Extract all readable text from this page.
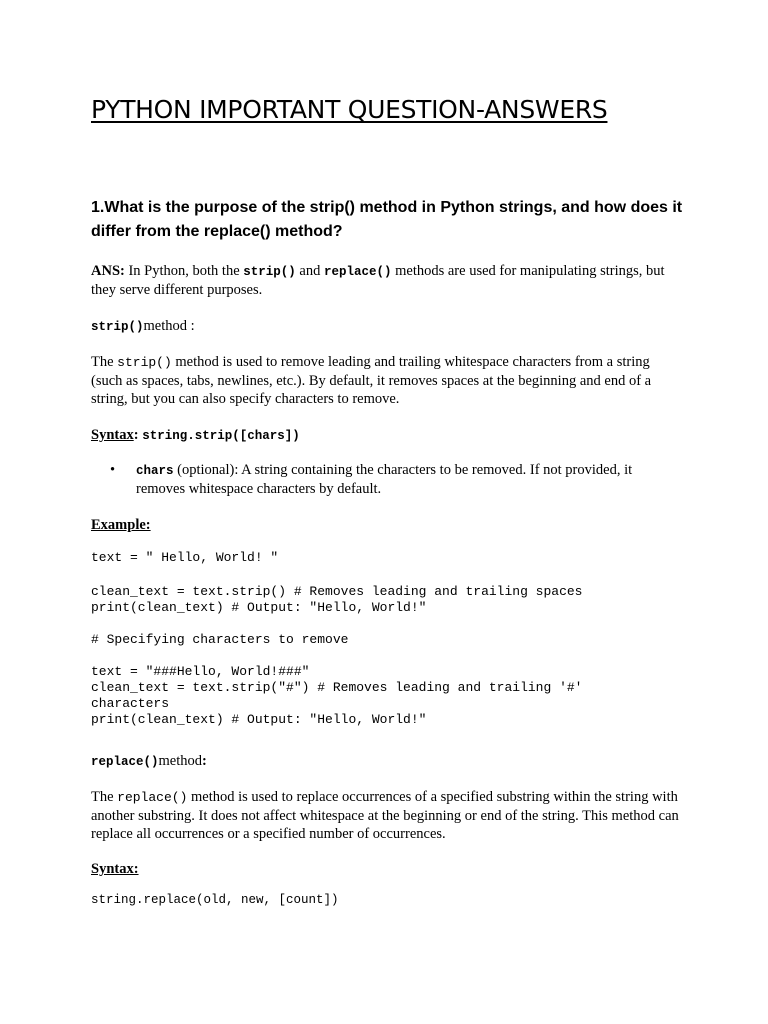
PYTHON IMPORTANT QUESTION-ANSWERS
1.What is the purpose of the strip() method in Python strings, and how does it differ from the replace() method?
ANS: In Python, both the strip() and replace() methods are used for manipulating strings, but they serve different purposes.
strip()method :
The strip() method is used to remove leading and trailing whitespace characters from a string (such as spaces, tabs, newlines, etc.). By default, it removes spaces at the beginning and end of a string, but you can also specify characters to remove.
Syntax: string.strip([chars])
• chars (optional): A string containing the characters to be removed. If not provided, it removes whitespace characters by default.
Example:
text = " Hello, World! "
clean_text = text.strip() # Removes leading and trailing spaces
print(clean_text) # Output: "Hello, World!"
# Specifying characters to remove
text = "###Hello, World!###"
clean_text = text.strip("#") # Removes leading and trailing '#'
characters
print(clean_text) # Output: "Hello, World!"
replace()method:
The replace() method is used to replace occurrences of a specified substring within the string with another substring. It does not affect whitespace at the beginning or end of the string. This method can replace all occurrences or a specified number of occurrences.
Syntax:
string.replace(old, new, [count])
